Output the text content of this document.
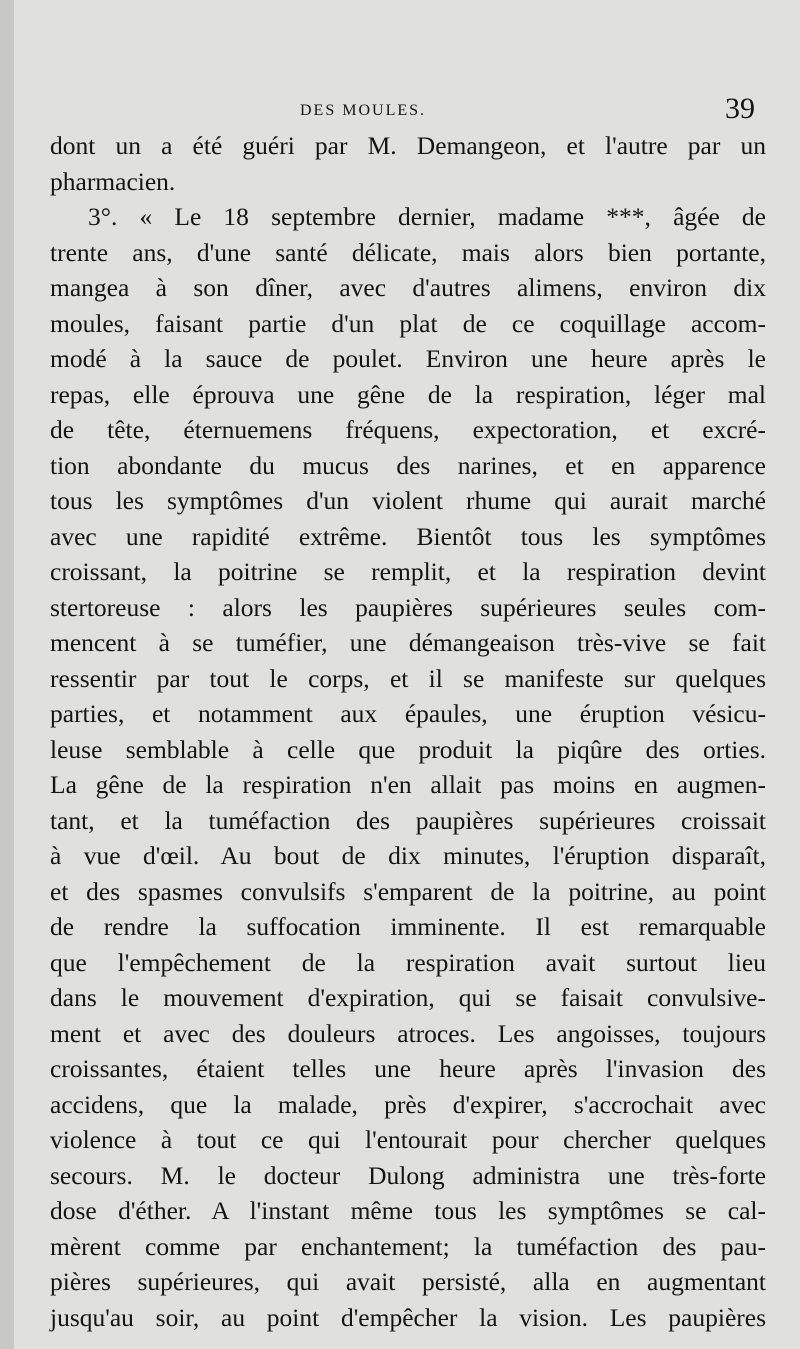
DES MOULES.	39
dont un a été guéri par M. Demangeon, et l'autre par un
pharmacien.
3°. « Le 18 septembre dernier, madame ***, âgée de
trente ans, d'une santé délicate, mais alors bien portante,
mangea à son dîner, avec d'autres alimens, environ dix
moules, faisant partie d'un plat de ce coquillage accom-
modé à la sauce de poulet. Environ une heure après le
repas, elle éprouva une gêne de la respiration, léger mal
de tête, éternuemens fréquens, expectoration, et excré-
tion abondante du mucus des narines, et en apparence
tous les symptômes d'un violent rhume qui aurait marché
avec une rapidité extrême. Bientôt tous les symptômes
croissant, la poitrine se remplit, et la respiration devint
stertoreuse : alors les paupières supérieures seules com-
mencent à se tuméfier, une démangeaison très-vive se fait
ressentir par tout le corps, et il se manifeste sur quelques
parties, et notamment aux épaules, une éruption vésicu-
leuse semblable à celle que produit la piqûre des orties.
La gêne de la respiration n'en allait pas moins en augmen-
tant, et la tuméfaction des paupières supérieures croissait
à vue d'œil. Au bout de dix minutes, l'éruption disparaît,
et des spasmes convulsifs s'emparent de la poitrine, au point
de rendre la suffocation imminente. Il est remarquable
que l'empêchement de la respiration avait surtout lieu
dans le mouvement d'expiration, qui se faisait convulsive-
ment et avec des douleurs atroces. Les angoisses, toujours
croissantes, étaient telles une heure après l'invasion des
accidens, que la malade, près d'expirer, s'accrochait avec
violence à tout ce qui l'entourait pour chercher quelques
secours. M. le docteur Dulong administra une très-forte
dose d'éther. A l'instant même tous les symptômes se cal-
mèrent comme par enchantement; la tuméfaction des pau-
pières supérieures, qui avait persisté, alla en augmentant
jusqu'au soir, au point d'empêcher la vision. Les paupières
